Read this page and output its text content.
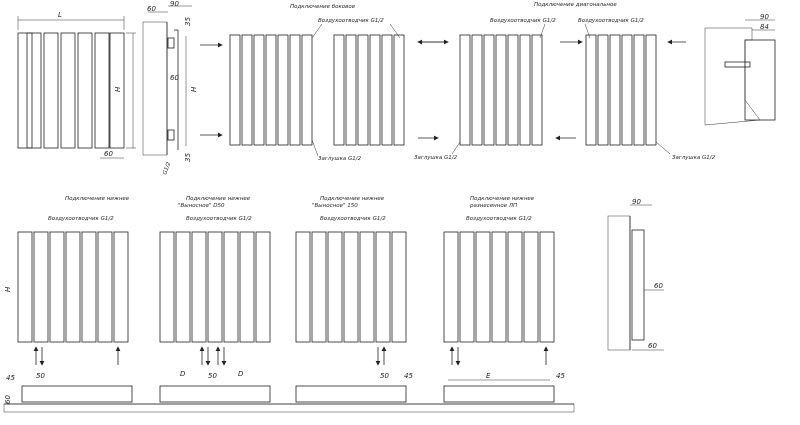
L
H
60
60
90
35
60
H
35
G1/2
Подключение боковое
Воздухоотводчик G1/2
Заглушка G1/2
Подключение диагональное
Воздухоотводчик G1/2	Воздухоотводчик G1/2
Заглушка G1/2	Заглушка G1/2
90
84
Подключение нижнее
Воздухоотводчик G1/2
H
45	50
60
Подключение нижнее
"Выносное" D50
Воздухоотводчик G1/2
D	50	D
Подключение нижнее
"Выносное" 150
Воздухоотводчик G1/2
50 45
Подключение нижнее
разнесенное ЛП
Воздухоотводчик G1/2
E	45
90
60
60
